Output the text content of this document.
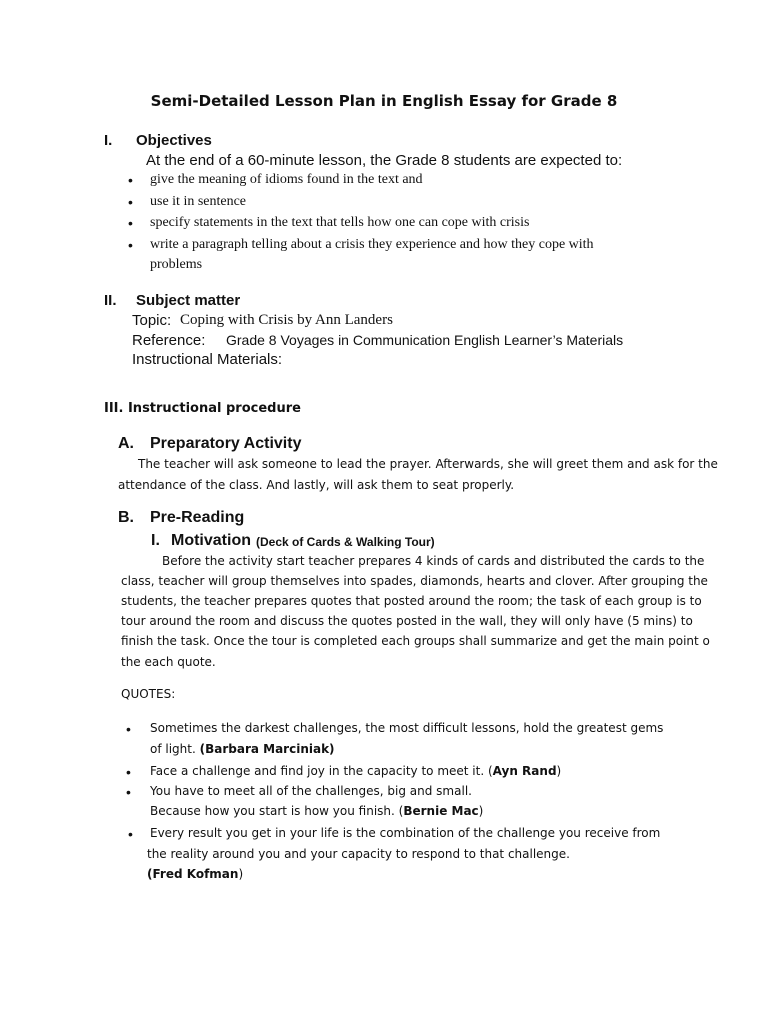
Semi-Detailed Lesson Plan in English Essay for Grade 8
I. Objectives
At the end of a 60-minute lesson, the Grade 8 students are expected to:
• give the meaning of idioms found in the text and
• use it in sentence
• specify statements in the text that tells how one can cope with crisis
• write a paragraph telling about a crisis they experience and how they cope with
problems
II. Subject matter
Topic: Coping with Crisis by Ann Landers
Reference: Grade 8 Voyages in Communication English Learner’s Materials
Instructional Materials:
III. Instructional procedure
A. Preparatory Activity
The teacher will ask someone to lead the prayer. Afterwards, she will greet them and ask for the
attendance of the class. And lastly, will ask them to seat properly.
B. Pre-Reading
I. Motivation (Deck of Cards & Walking Tour)
Before the activity start teacher prepares 4 kinds of cards and distributed the cards to the
class, teacher will group themselves into spades, diamonds, hearts and clover. After grouping the
students, the teacher prepares quotes that posted around the room; the task of each group is to
tour around the room and discuss the quotes posted in the wall, they will only have (5 mins) to
finish the task. Once the tour is completed each groups shall summarize and get the main point o
the each quote.
QUOTES:
• Sometimes the darkest challenges, the most difficult lessons, hold the greatest gems
of light. (Barbara Marciniak)
• Face a challenge and find joy in the capacity to meet it. (Ayn Rand)
• You have to meet all of the challenges, big and small.
Because how you start is how you finish. (Bernie Mac)
• Every result you get in your life is the combination of the challenge you receive from
the reality around you and your capacity to respond to that challenge.
(Fred Kofman)
